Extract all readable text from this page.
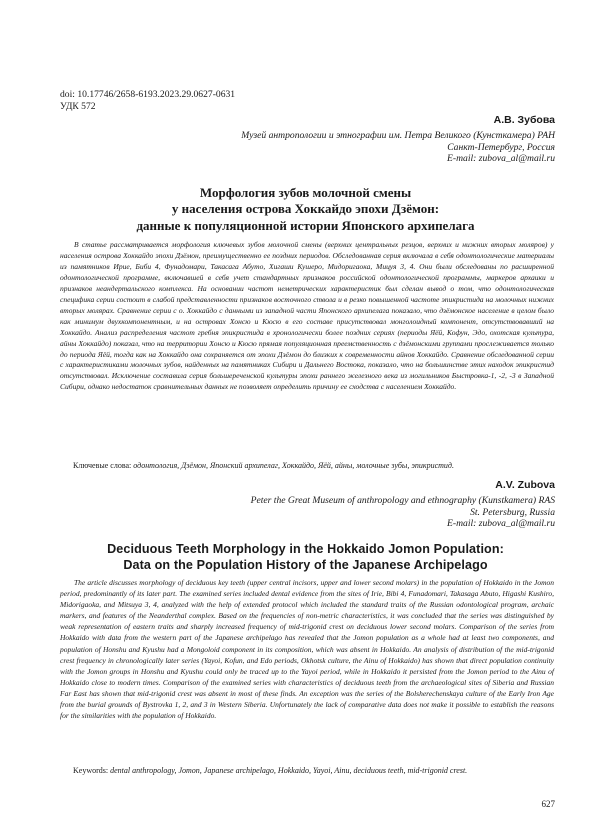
doi: 10.17746/2658-6193.2023.29.0627-0631
УДК 572
А.В. Зубова
Музей антропологии и этнографии им. Петра Великого (Кунсткамера) РАН
Санкт-Петербург, Россия
E-mail: zubova_al@mail.ru
Морфология зубов молочной смены
у населения острова Хоккайдо эпохи Дзёмон:
данные к популяционной истории Японского архипелага
В статье рассматривается морфология ключевых зубов молочной смены (верхних центральных резцов, верхних и нижних вторых моляров) у населения острова Хоккайдо эпохи Дзёмон, преимущественно ее поздних периодов. Обследованная серия включала в себя одонтологические материалы из памятников Ирие, Биби 4, Фунадомари, Такасага Абуто, Хигаши Кушеро, Мидоригаока, Мицуя 3, 4. Они были обследованы по расширенной одонтологической программе, включавшей в себя учет стандартных признаков российской одонтологической программы, маркеров архаики и признаков неандертальского комплекса. На основании частот неметрических характеристик был сделан вывод о том, что одонтологическая специфика серии состоит в слабой представленности признаков восточного ствола и в резко повышенной частоте эпикристида на молочных нижних вторых молярах. Сравнение серии с о. Хоккайдо с данными из западной части Японского архипелага показало, что дзёмонское население в целом было как минимум двухкомпонентным, и на островах Хонсю и Кюсю в его составе присутствовал монголоидный компонент, отсутствовавший на Хоккайдо. Анализ распределения частот гребня эпикристида в хронологически более поздних сериях (периоды Яёй, Кофун, Эдо, охотская культура, айны Хоккайдо) показал, что на территории Хонсю и Кюсю прямая популяционная преемственность с дзёмонскими группами прослеживается только до периода Яёй, тогда как на Хоккайдо она сохраняется от эпохи Дзёмон до близких к современности айнов Хоккайдо. Сравнение обследованной серии с характеристиками молочных зубов, найденных на памятниках Сибири и Дальнего Востока, показало, что на большинстве этих находок эпикристид отсутствовал. Исключение составила серия большереченской культуры эпохи раннего железного века из могильников Быстровка-1, -2, -3 в Западной Сибири, однако недостаток сравнительных данных не позволяет определить причину ее сходства с населением Хоккайдо.
Ключевые слова: одонтология, Дзёмон, Японский архипелаг, Хоккайдо, Яёй, айны, молочные зубы, эпикристид.
A.V. Zubova
Peter the Great Museum of anthropology and ethnography (Kunstkamera) RAS
St. Petersburg, Russia
E-mail: zubova_al@mail.ru
Deciduous Teeth Morphology in the Hokkaido Jomon Population:
Data on the Population History of the Japanese Archipelago
The article discusses morphology of deciduous key teeth (upper central incisors, upper and lower second molars) in the population of Hokkaido in the Jomon period, predominantly of its later part. The examined series included dental evidence from the sites of Irie, Bibi 4, Funadomari, Takasaga Abuto, Higashi Kushiro, Midorigaoka, and Mitsuya 3, 4, analyzed with the help of extended protocol which included the standard traits of the Russian odontological program, archaic markers, and features of the Neanderthal complex. Based on the frequencies of non-metric characteristics, it was concluded that the series was distinguished by weak representation of eastern traits and sharply increased frequency of mid-trigonid crest on deciduous lower second molars. Comparison of the series from Hokkaido with data from the western part of the Japanese archipelago has revealed that the Jomon population as a whole had at least two components, and population of Honshu and Kyushu had a Mongoloid component in its composition, which was absent in Hokkaido. An analysis of distribution of the mid-trigonid crest frequency in chronologically later series (Yayoi, Kofun, and Edo periods, Okhotsk culture, the Ainu of Hokkaido) has shown that direct population continuity with the Jomon groups in Honshu and Kyushu could only be traced up to the Yayoi period, while in Hokkaido it persisted from the Jomon period to the Ainu of Hokkaido close to modern times. Comparison of the examined series with characteristics of deciduous teeth from the archaeological sites of Siberia and Russian Far East has shown that mid-trigonid crest was absent in most of these finds. An exception was the series of the Bolsherechenskaya culture of the Early Iron Age from the burial grounds of Bystrovka 1, 2, and 3 in Western Siberia. Unfortunately the lack of comparative data does not make it possible to establish the reasons for the similarities with the population of Hokkaido.
Keywords: dental anthropology, Jomon, Japanese archipelago, Hokkaido, Yayoi, Ainu, deciduous teeth, mid-trigonid crest.
627
